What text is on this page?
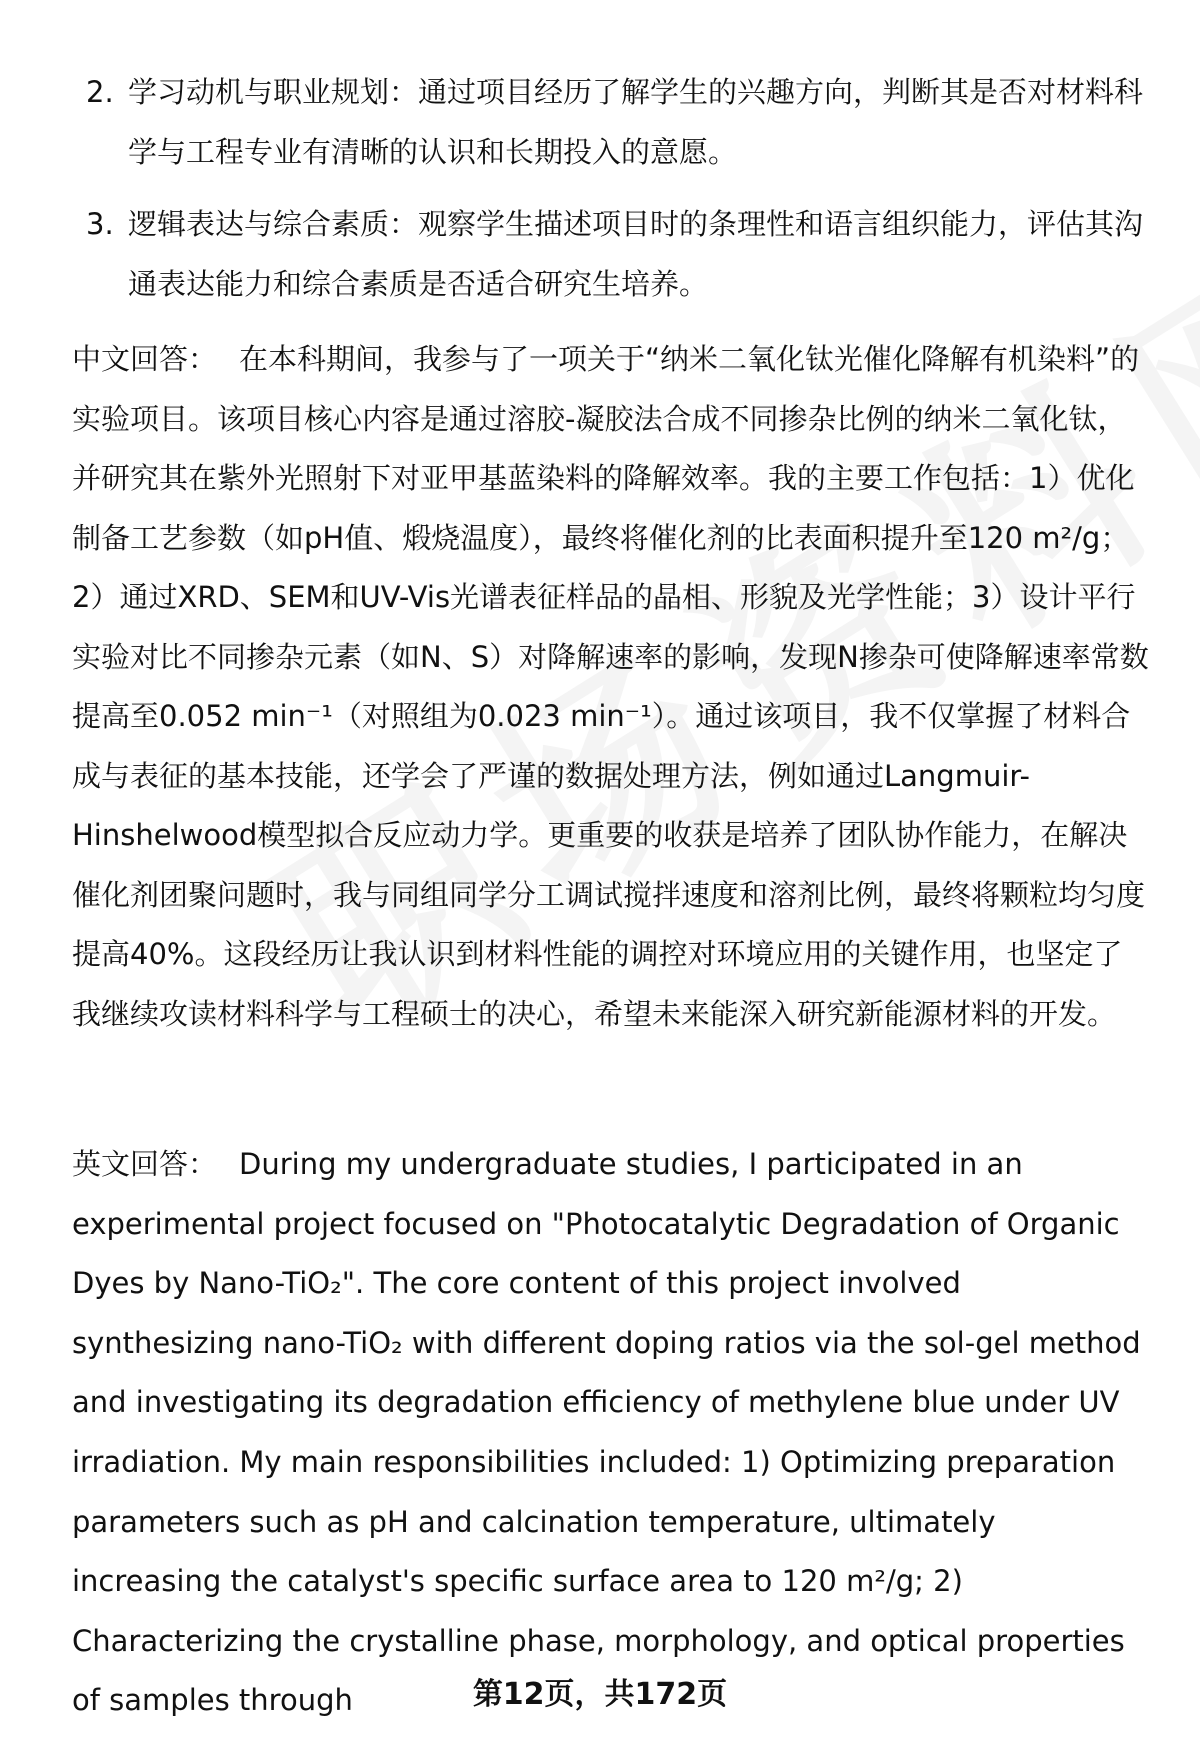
2. 学习动机与职业规划：通过项目经历了解学生的兴趣方向，判断其是否对材料科学与工程专业有清晰的认识和长期投入的意愿。
3. 逻辑表达与综合素质：观察学生描述项目时的条理性和语言组织能力，评估其沟通表达能力和综合素质是否适合研究生培养。

中文回答： 在本科期间，我参与了一项关于“纳米二氧化钛光催化降解有机染料”的实验项目。该项目核心内容是通过溶胶-凝胶法合成不同掺杂比例的纳米二氧化钛，并研究其在紫外光照射下对亚甲基蓝染料的降解效率。我的主要工作包括：1）优化制备工艺参数（如pH值、煅烧温度），最终将催化剂的比表面积提升至120 m²/g；2）通过XRD、SEM和UV-Vis光谱表征样品的晶相、形貌及光学性能；3）设计平行实验对比不同掺杂元素（如N、S）对降解速率的影响，发现N掺杂可使降解速率常数提高至0.052 min⁻¹（对照组为0.023 min⁻¹）。通过该项目，我不仅掌握了材料合成与表征的基本技能，还学会了严谨的数据处理方法，例如通过Langmuir-Hinshelwood模型拟合反应动力学。更重要的收获是培养了团队协作能力，在解决催化剂团聚问题时，我与同组同学分工调试搅拌速度和溶剂比例，最终将颗粒均匀度提高40%。这段经历让我认识到材料性能的调控对环境应用的关键作用，也坚定了我继续攻读材料科学与工程硕士的决心，希望未来能深入研究新能源材料的开发。

英文回答： During my undergraduate studies, I participated in an experimental project focused on "Photocatalytic Degradation of Organic Dyes by Nano-TiO₂". The core content of this project involved synthesizing nano-TiO₂ with different doping ratios via the sol-gel method and investigating its degradation efficiency of methylene blue under UV irradiation. My main responsibilities included: 1) Optimizing preparation parameters such as pH and calcination temperature, ultimately increasing the catalyst's specific surface area to 120 m²/g; 2) Characterizing the crystalline phase, morphology, and optical properties of samples through	第12页，共172页
